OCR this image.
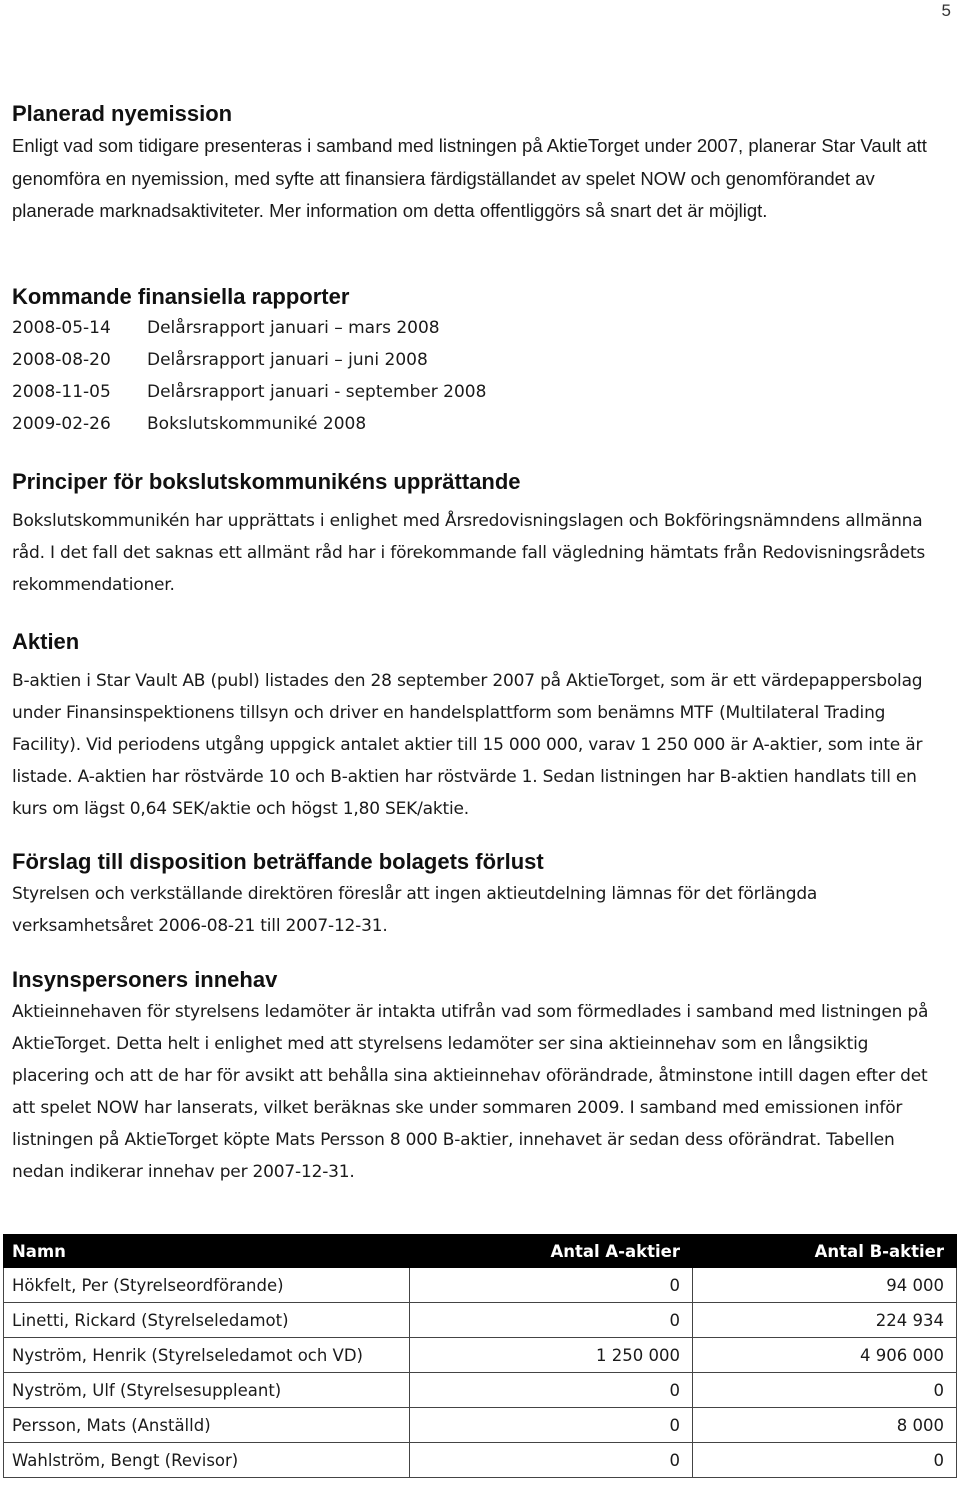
5
Planerad nyemission
Enligt vad som tidigare presenteras i samband med listningen på AktieTorget under 2007, planerar Star Vault att genomföra en nyemission, med syfte att finansiera färdigställandet av spelet NOW och genomförandet av planerade marknadsaktiviteter. Mer information om detta offentliggörs så snart det är möjligt.
Kommande finansiella rapporter
2008-05-14 Delårsrapport januari – mars 2008
2008-08-20 Delårsrapport januari – juni 2008
2008-11-05 Delårsrapport januari - september 2008
2009-02-26 Bokslutskommuniké 2008
Principer för bokslutskommunikéns upprättande
Bokslutskommunikén har upprättats i enlighet med Årsredovisningslagen och Bokföringsnämndens allmänna råd. I det fall det saknas ett allmänt råd har i förekommande fall vägledning hämtats från Redovisningsrådets rekommendationer.
Aktien
B-aktien i Star Vault AB (publ) listades den 28 september 2007 på AktieTorget, som är ett värdepappersbolag under Finansinspektionens tillsyn och driver en handelsplattform som benämns MTF (Multilateral Trading Facility). Vid periodens utgång uppgick antalet aktier till 15 000 000, varav 1 250 000 är A-aktier, som inte är listade. A-aktien har röstvärde 10 och B-aktien har röstvärde 1. Sedan listningen har B-aktien handlats till en kurs om lägst 0,64 SEK/aktie och högst 1,80 SEK/aktie.
Förslag till disposition beträffande bolagets förlust
Styrelsen och verkställande direktören föreslår att ingen aktieutdelning lämnas för det förlängda verksamhetsåret 2006-08-21 till 2007-12-31.
Insynspersoners innehav
Aktieinnehaven för styrelsens ledamöter är intakta utifrån vad som förmedlades i samband med listningen på AktieTorget. Detta helt i enlighet med att styrelsens ledamöter ser sina aktieinnehav som en långsiktig placering och att de har för avsikt att behålla sina aktieinnehav oförändrade, åtminstone intill dagen efter det att spelet NOW har lanserats, vilket beräknas ske under sommaren 2009. I samband med emissionen inför listningen på AktieTorget köpte Mats Persson 8 000 B-aktier, innehavet är sedan dess oförändrat. Tabellen nedan indikerar innehav per 2007-12-31.
Namn	Antal A-aktier	Antal B-aktier
Hökfelt, Per (Styrelseordförande)	0	94 000
Linetti, Rickard (Styrelseledamot)	0	224 934
Nyström, Henrik (Styrelseledamot och VD)	1 250 000	4 906 000
Nyström, Ulf (Styrelsesuppleant)	0	0
Persson, Mats (Anställd)	0	8 000
Wahlström, Bengt (Revisor)	0	0
